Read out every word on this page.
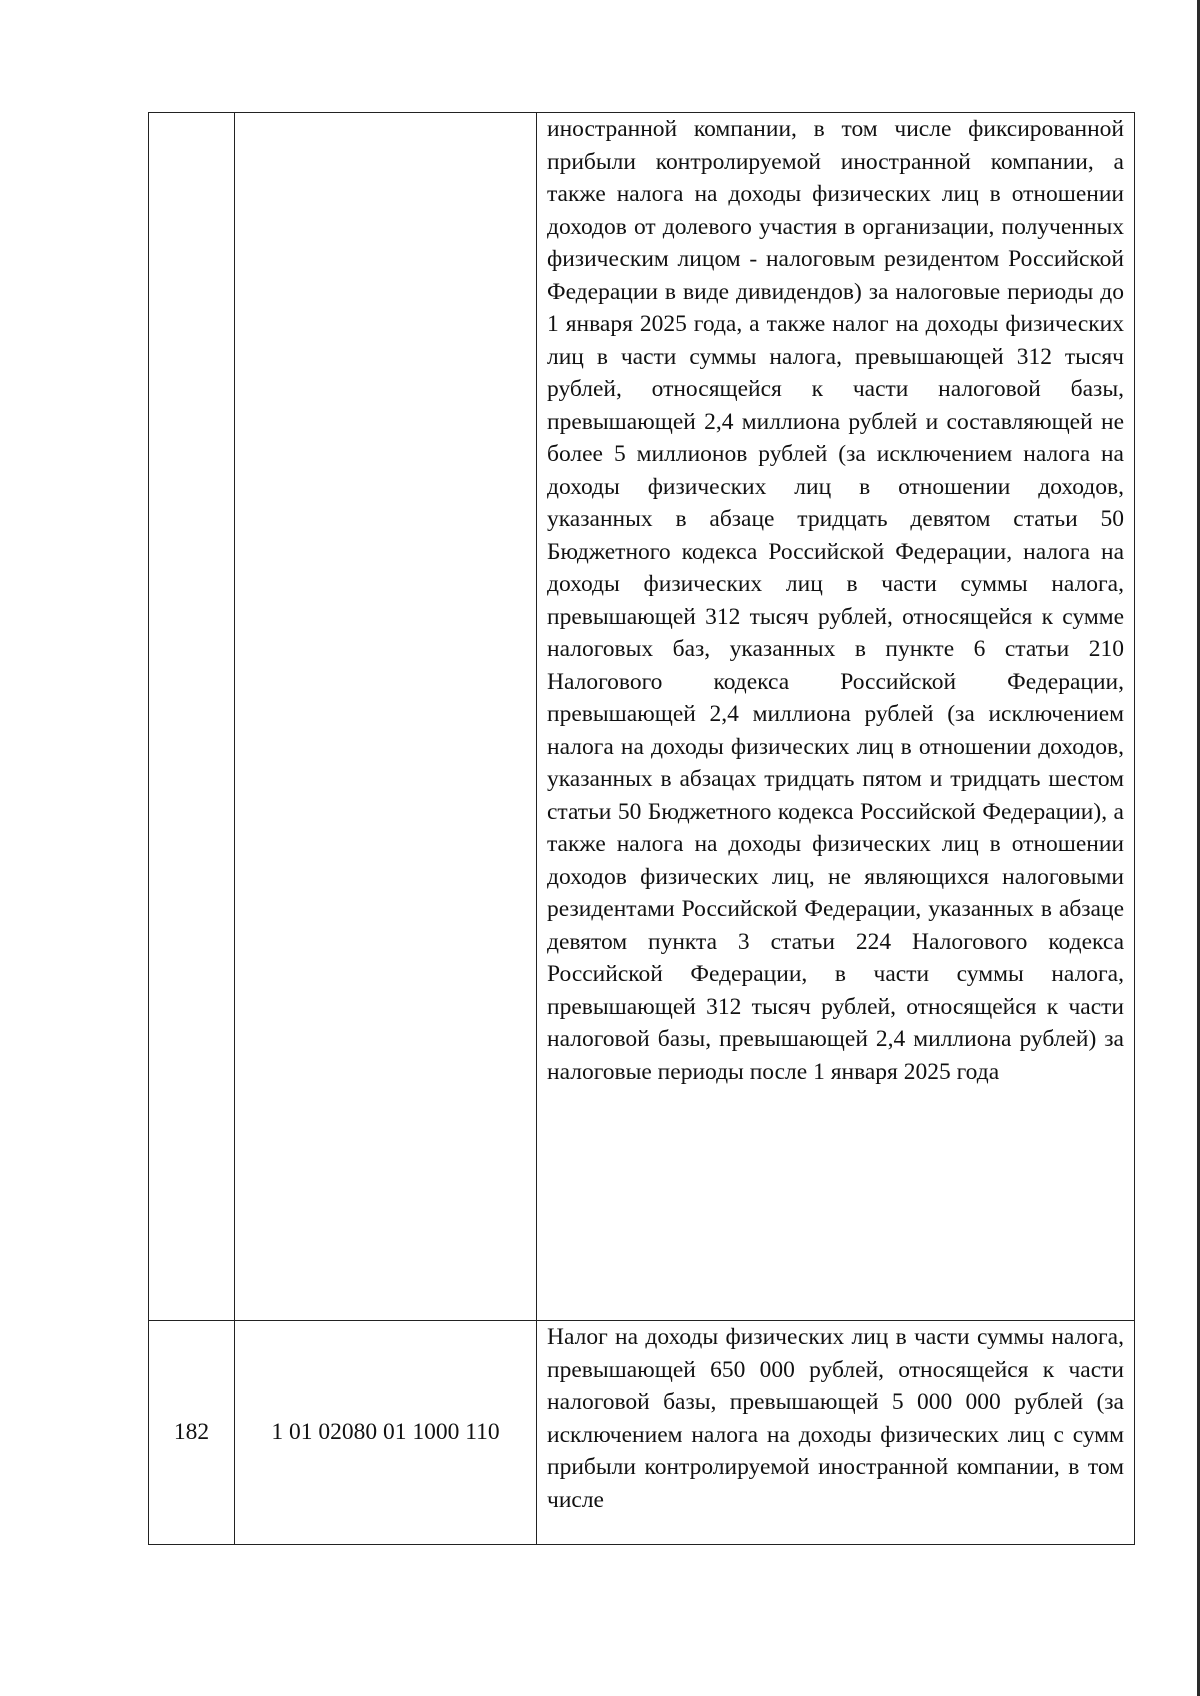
		иностранной компании, в том числе фиксированной прибыли контролируемой иностранной компании, а также налога на доходы физических лиц в отношении доходов от долевого участия в организации, полученных физическим лицом - налоговым резидентом Российской Федерации в виде дивидендов) за налоговые периоды до 1 января 2025 года, а также налог на доходы физических лиц в части суммы налога, превышающей 312 тысяч рублей, относящейся к части налоговой базы, превышающей 2,4 миллиона рублей и составляющей не более 5 миллионов рублей (за исключением налога на доходы физических лиц в отношении доходов, указанных в абзаце тридцать девятом статьи 50 Бюджетного кодекса Российской Федерации, налога на доходы физических лиц в части суммы налога, превышающей 312 тысяч рублей, относящейся к сумме налоговых баз, указанных в пункте 6 статьи 210 Налогового кодекса Российской Федерации, превышающей 2,4 миллиона рублей (за исключением налога на доходы физических лиц в отношении доходов, указанных в абзацах тридцать пятом и тридцать шестом статьи 50 Бюджетного кодекса Российской Федерации), а также налога на доходы физических лиц в отношении доходов физических лиц, не являющихся налоговыми резидентами Российской Федерации, указанных в абзаце девятом пункта 3 статьи 224 Налогового кодекса Российской Федерации, в части суммы налога, превышающей 312 тысяч рублей, относящейся к части налоговой базы, превышающей 2,4 миллиона рублей) за налоговые периоды после 1 января 2025 года
182	1 01 02080 01 1000 110	Налог на доходы физических лиц в части суммы налога, превышающей 650 000 рублей, относящейся к части налоговой базы, превышающей 5 000 000 рублей (за исключением налога на доходы физических лиц с сумм прибыли контролируемой иностранной компании, в том числе
